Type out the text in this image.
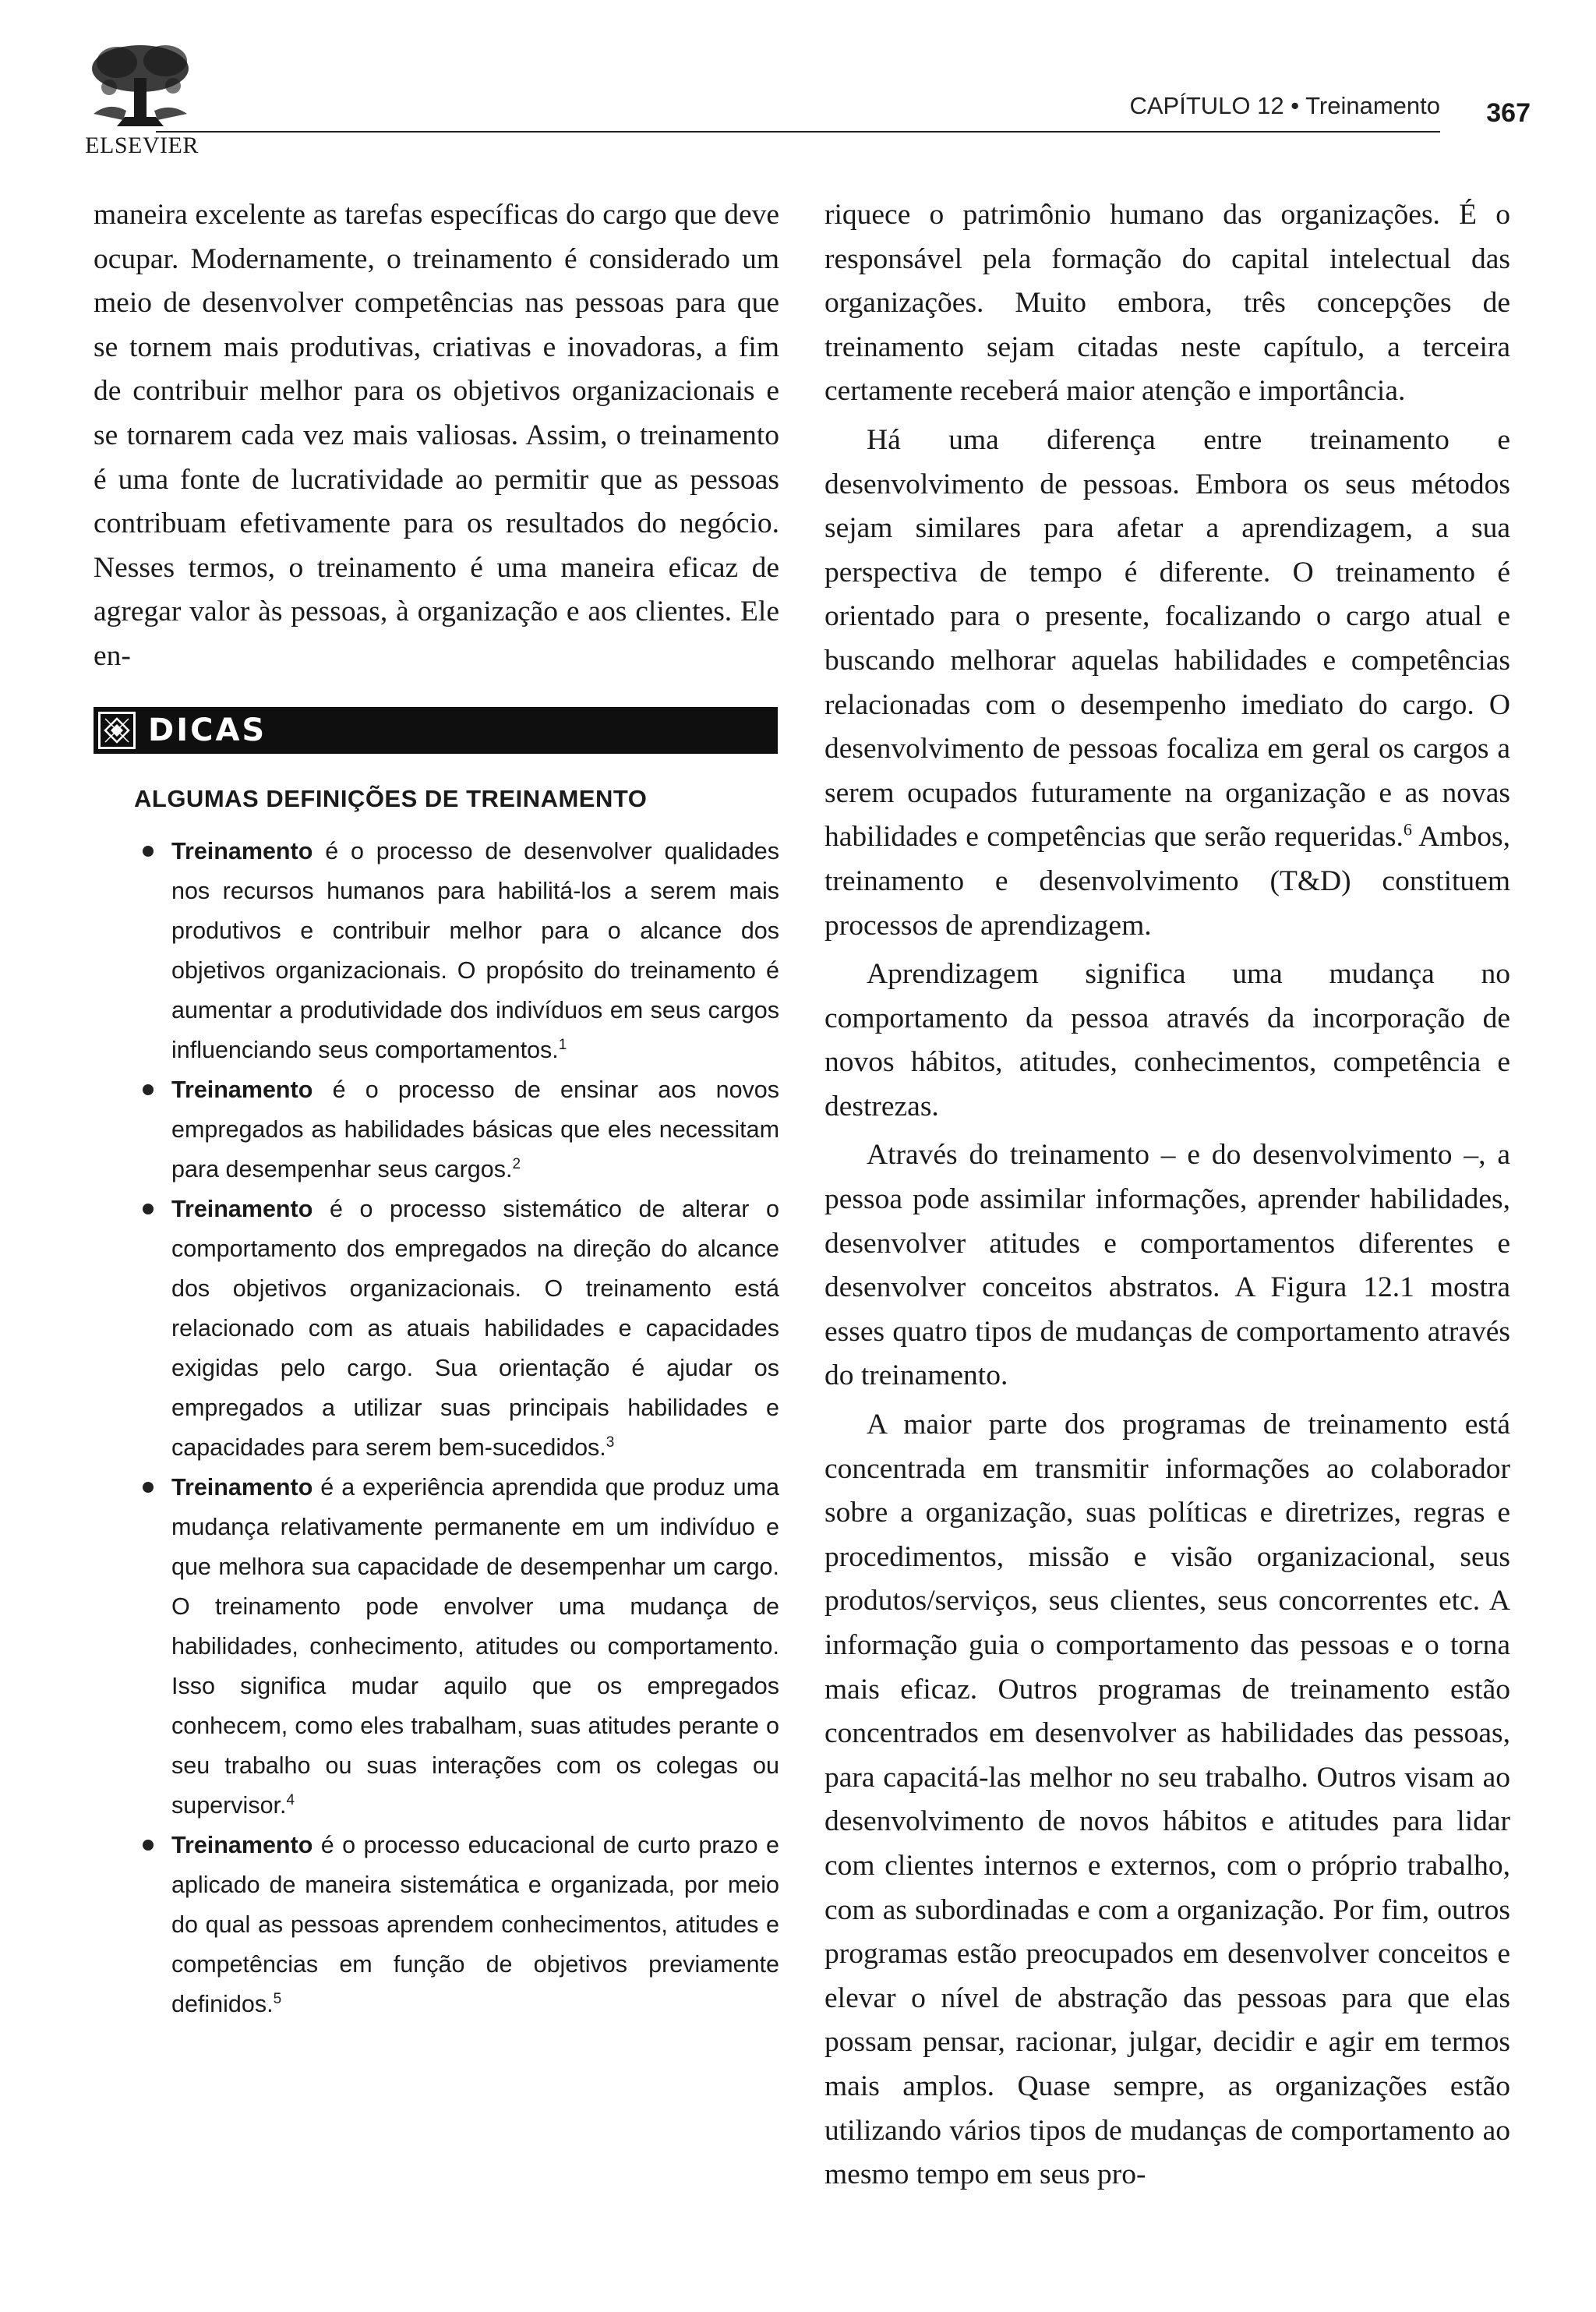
ELSEVIER
CAPÍTULO 12 • Treinamento 367

maneira excelente as tarefas específicas do cargo que deve ocupar. Modernamente, o treinamento é considerado um meio de desenvolver competências nas pessoas para que se tornem mais produtivas, criativas e inovadoras, a fim de contribuir melhor para os objetivos organizacionais e se tornarem cada vez mais valiosas. Assim, o treinamento é uma fonte de lucratividade ao permitir que as pessoas contribuam efetivamente para os resultados do negócio. Nesses termos, o treinamento é uma maneira eficaz de agregar valor às pessoas, à organização e aos clientes. Ele en-

DICAS
ALGUMAS DEFINIÇÕES DE TREINAMENTO
Treinamento é o processo de desenvolver qualidades nos recursos humanos para habilitá-los a serem mais produtivos e contribuir melhor para o alcance dos objetivos organizacionais. O propósito do treinamento é aumentar a produtividade dos indivíduos em seus cargos influenciando seus comportamentos.$^1$
Treinamento é o processo de ensinar aos novos empregados as habilidades básicas que eles necessitam para desempenhar seus cargos.$^2$
Treinamento é o processo sistemático de alterar o comportamento dos empregados na direção do alcance dos objetivos organizacionais. O treinamento está relacionado com as atuais habilidades e capacidades exigidas pelo cargo. Sua orientação é ajudar os empregados a utilizar suas principais habilidades e capacidades para serem bem-sucedidos.$^3$
Treinamento é a experiência aprendida que produz uma mudança relativamente permanente em um indivíduo e que melhora sua capacidade de desempenhar um cargo. O treinamento pode envolver uma mudança de habilidades, conhecimento, atitudes ou comportamento. Isso significa mudar aquilo que os empregados conhecem, como eles trabalham, suas atitudes perante o seu trabalho ou suas interações com os colegas ou supervisor.$^4$
Treinamento é o processo educacional de curto prazo e aplicado de maneira sistemática e organizada, por meio do qual as pessoas aprendem conhecimentos, atitudes e competências em função de objetivos previamente definidos.$^5$

riquece o patrimônio humano das organizações. É o responsável pela formação do capital intelectual das organizações. Muito embora, três concepções de treinamento sejam citadas neste capítulo, a terceira certamente receberá maior atenção e importância.

Há uma diferença entre treinamento e desenvolvimento de pessoas. Embora os seus métodos sejam similares para afetar a aprendizagem, a sua perspectiva de tempo é diferente. O treinamento é orientado para o presente, focalizando o cargo atual e buscando melhorar aquelas habilidades e competências relacionadas com o desempenho imediato do cargo. O desenvolvimento de pessoas focaliza em geral os cargos a serem ocupados futuramente na organização e as novas habilidades e competências que serão requeridas.$^6$ Ambos, treinamento e desenvolvimento (T&D) constituem processos de aprendizagem.

Aprendizagem significa uma mudança no comportamento da pessoa através da incorporação de novos hábitos, atitudes, conhecimentos, competência e destrezas.

Através do treinamento – e do desenvolvimento –, a pessoa pode assimilar informações, aprender habilidades, desenvolver atitudes e comportamentos diferentes e desenvolver conceitos abstratos. A Figura 12.1 mostra esses quatro tipos de mudanças de comportamento através do treinamento.

A maior parte dos programas de treinamento está concentrada em transmitir informações ao colaborador sobre a organização, suas políticas e diretrizes, regras e procedimentos, missão e visão organizacional, seus produtos/serviços, seus clientes, seus concorrentes etc. A informação guia o comportamento das pessoas e o torna mais eficaz. Outros programas de treinamento estão concentrados em desenvolver as habilidades das pessoas, para capacitá-las melhor no seu trabalho. Outros visam ao desenvolvimento de novos hábitos e atitudes para lidar com clientes internos e externos, com o próprio trabalho, com as subordinadas e com a organização. Por fim, outros programas estão preocupados em desenvolver conceitos e elevar o nível de abstração das pessoas para que elas possam pensar, racionar, julgar, decidir e agir em termos mais amplos. Quase sempre, as organizações estão utilizando vários tipos de mudanças de comportamento ao mesmo tempo em seus pro-
